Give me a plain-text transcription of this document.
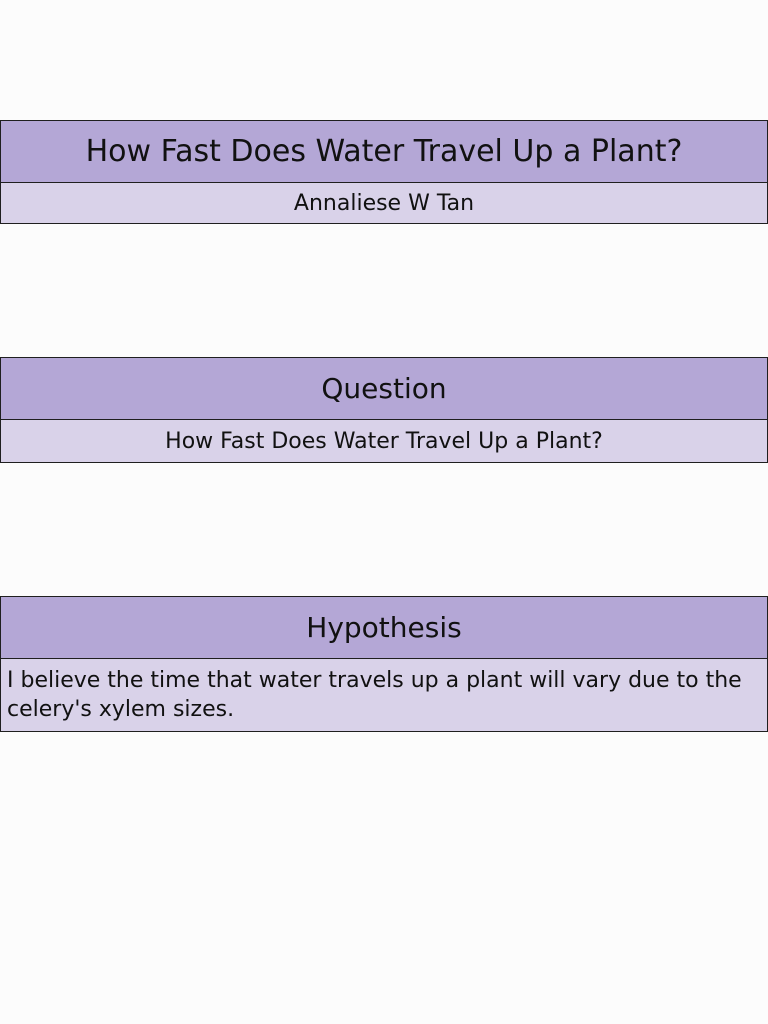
How Fast Does Water Travel Up a Plant?
Annaliese W Tan
Question
How Fast Does Water Travel Up a Plant?
Hypothesis
I believe the time that water travels up a plant will vary due to the celery's xylem sizes.
